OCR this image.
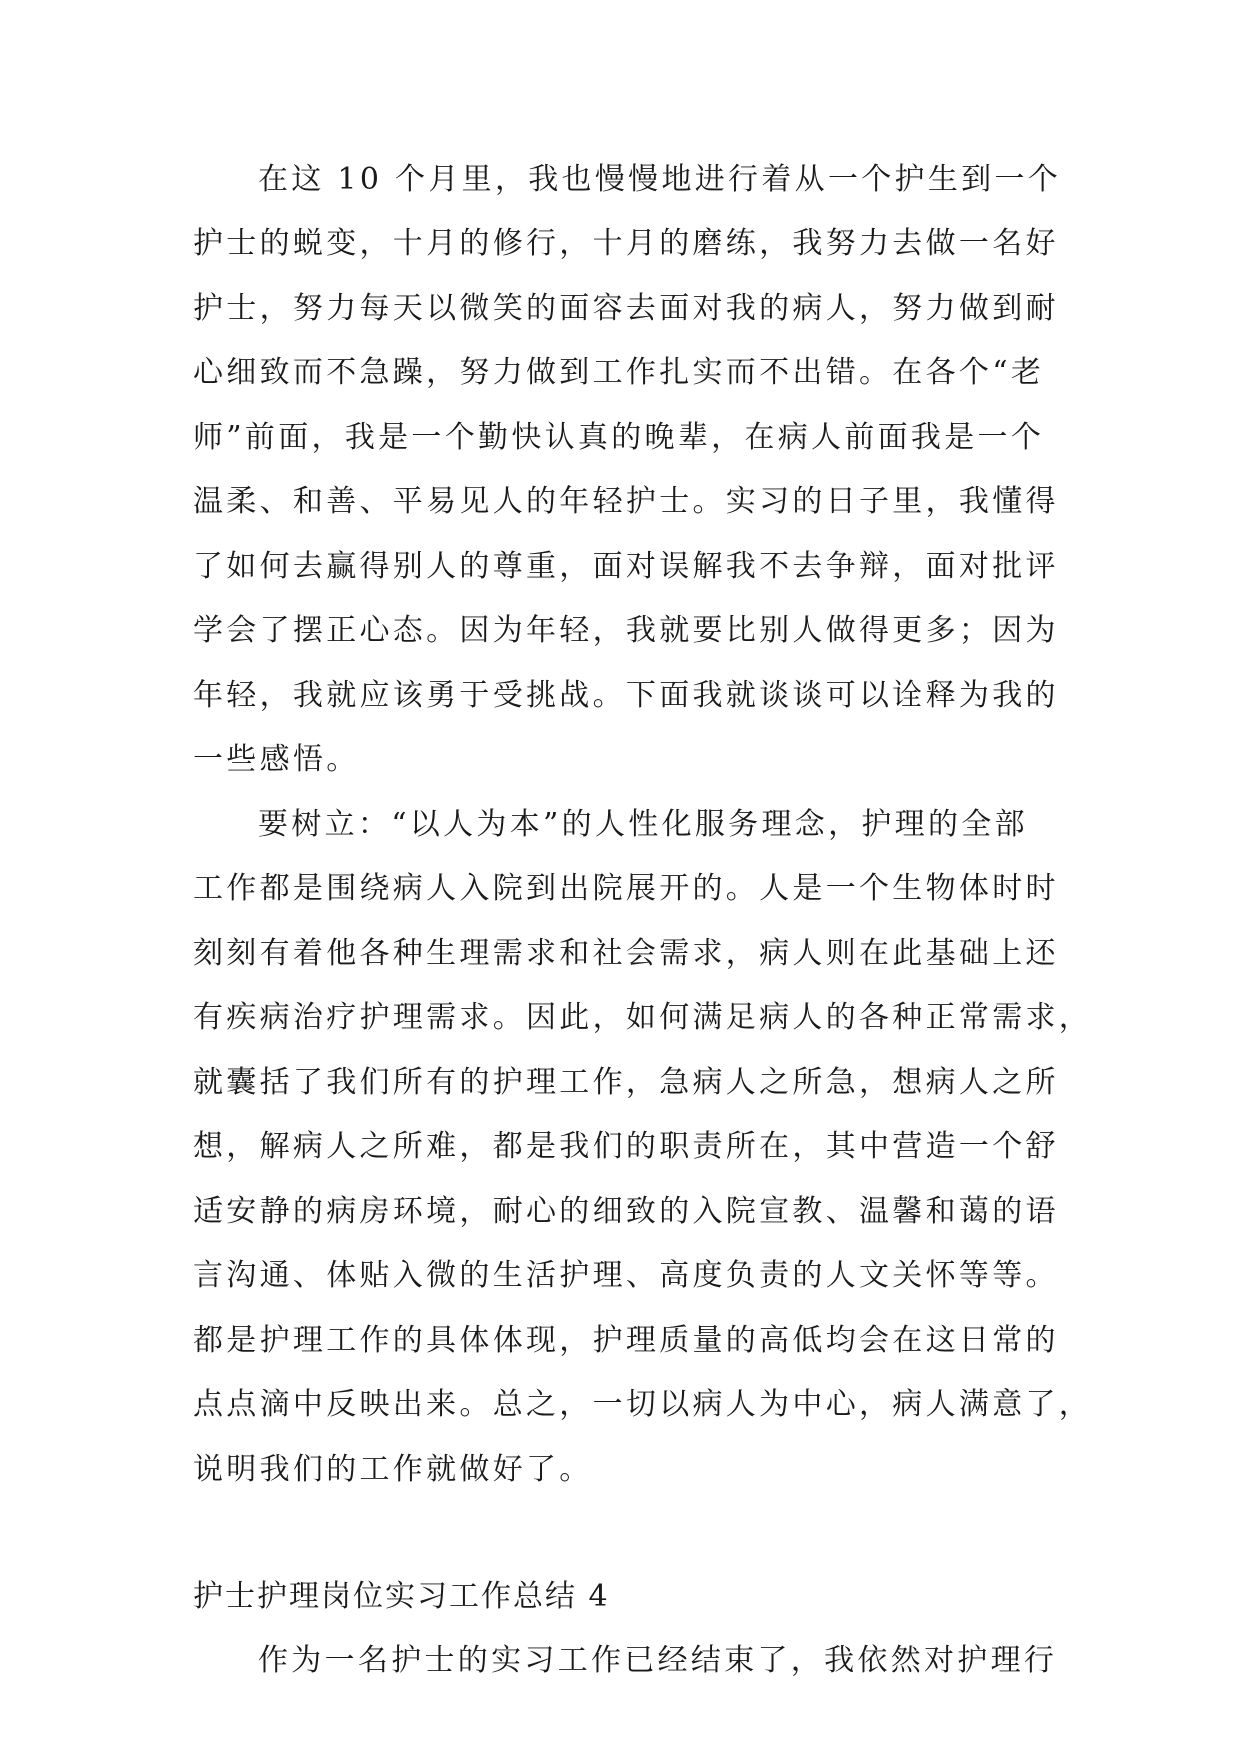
在这 10 个月里，我也慢慢地进行着从一个护生到一个

护士的蜕变，十月的修行，十月的磨练，我努力去做一名好

护士，努力每天以微笑的面容去面对我的病人，努力做到耐

心细致而不急躁，努力做到工作扎实而不出错。在各个“老

师”前面，我是一个勤快认真的晚辈，在病人前面我是一个

温柔、和善、平易见人的年轻护士。实习的日子里，我懂得

了如何去赢得别人的尊重，面对误解我不去争辩，面对批评

学会了摆正心态。因为年轻，我就要比别人做得更多；因为

年轻，我就应该勇于受挑战。下面我就谈谈可以诠释为我的

一些感悟。

要树立：“以人为本”的人性化服务理念，护理的全部

工作都是围绕病人入院到出院展开的。人是一个生物体时时

刻刻有着他各种生理需求和社会需求，病人则在此基础上还

有疾病治疗护理需求。因此，如何满足病人的各种正常需求，

就囊括了我们所有的护理工作，急病人之所急，想病人之所

想，解病人之所难，都是我们的职责所在，其中营造一个舒

适安静的病房环境，耐心的细致的入院宣教、温馨和蔼的语

言沟通、体贴入微的生活护理、高度负责的人文关怀等等。

都是护理工作的具体体现，护理质量的高低均会在这日常的

点点滴中反映出来。总之，一切以病人为中心，病人满意了，

说明我们的工作就做好了。

护士护理岗位实习工作总结 4

作为一名护士的实习工作已经结束了，我依然对护理行
